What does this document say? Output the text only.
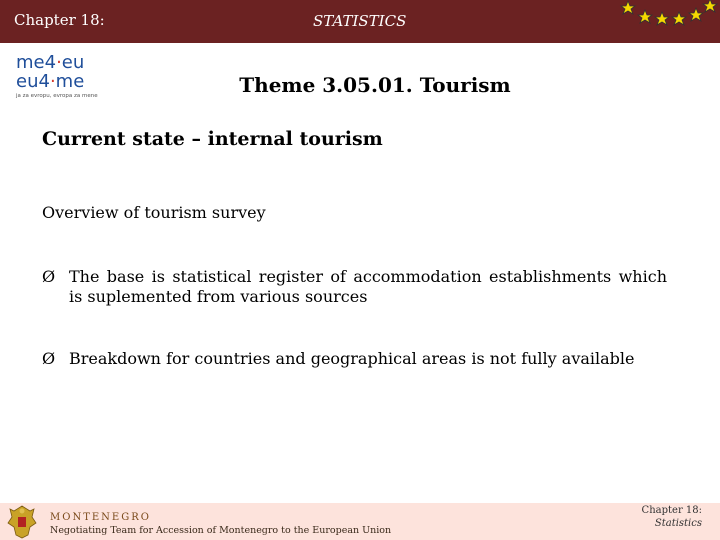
Chapter 18:	STATISTICS
me4·eu
eu4·me
ja za evropu, evropa za mene	Theme 3.05.01. Tourism
Current state – internal tourism
Overview of tourism survey
Ø The base is statistical register of accommodation establishments which is suplemented from various sources
Ø Breakdown for countries and geographical areas is not fully available
MONTENEGRO
Negotiating Team for Accession of Montenegro to the European Union
Chapter 18:
Statistics
